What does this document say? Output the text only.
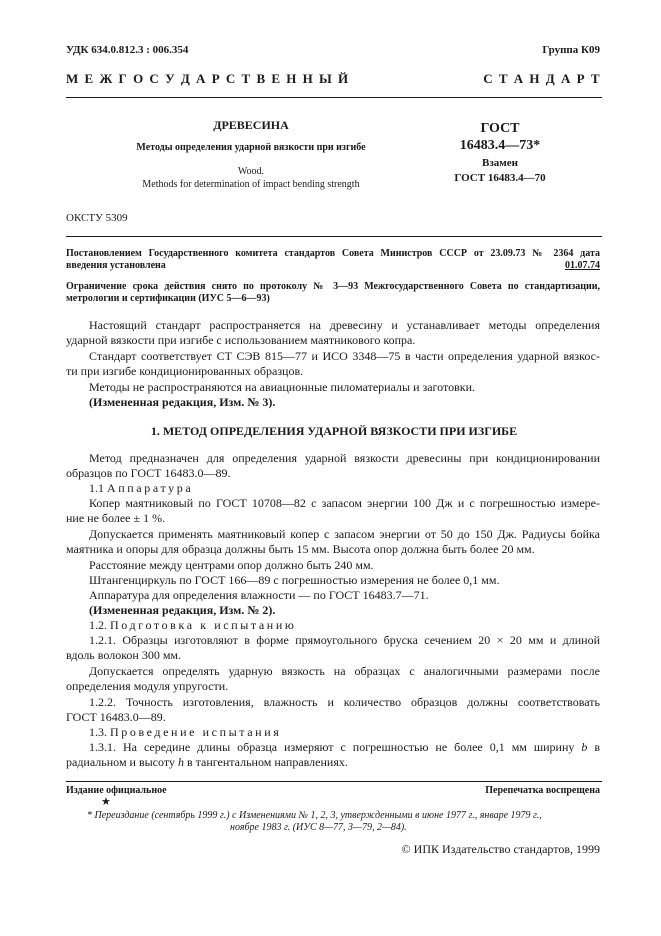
УДК 634.0.812.3 : 006.354	Группа К09
М Е Ж Г О С У Д А Р С Т В Е Н Н Ы Й	С Т А Н Д А Р Т
ДРЕВЕСИНА
Методы определения ударной вязкости при изгибе
Wood.
Methods for determination of impact bending strength
ГОСТ
16483.4—73*
Взамен
ГОСТ 16483.4—70
ОКСТУ 5309
Постановлением Государственного комитета стандартов Совета Министров СССР от 23.09.73 № 2364 дата
введения установлена	01.07.74
Ограничение срока действия снято по протоколу № 3—93 Межгосударственного Совета по стандартизации,
метрологии и сертификации (ИУС 5—6—93)
Настоящий стандарт распространяется на древесину и устанавливает методы определения
ударной вязкости при изгибе с использованием маятникового копра.
Стандарт соответствует СТ СЭВ 815—77 и ИСО 3348—75 в части определения ударной вязкос-
ти при изгибе кондиционированных образцов.
Методы не распространяются на авиационные пиломатериалы и заготовки.
(Измененная редакция, Изм. № 3).
1. МЕТОД ОПРЕДЕЛЕНИЯ УДАРНОЙ ВЯЗКОСТИ ПРИ ИЗГИБЕ
Метод предназначен для определения ударной вязкости древесины при кондиционировании
образцов по ГОСТ 16483.0—89.
1.1 Аппаратура
Копер маятниковый по ГОСТ 10708—82 с запасом энергии 100 Дж и с погрешностью измере-
ние не более ± 1 %.
Допускается применять маятниковый копер с запасом энергии от 50 до 150 Дж. Радиусы бойка
маятника и опоры для образца должны быть 15 мм. Высота опор должна быть более 20 мм.
Расстояние между центрами опор должно быть 240 мм.
Штангенциркуль по ГОСТ 166—89 с погрешностью измерения не более 0,1 мм.
Аппаратура для определения влажности — по ГОСТ 16483.7—71.
(Измененная редакция, Изм. № 2).
1.2. Подготовка к испытанию
1.2.1. Образцы изготовляют в форме прямоугольного бруска сечением 20 × 20 мм и длиной
вдоль волокон 300 мм.
Допускается определять ударную вязкость на образцах с аналогичными размерами после
определения модуля упругости.
1.2.2. Точность изготовления, влажность и количество образцов должны соответствовать
ГОСТ 16483.0—89.
1.3. Проведение испытания
1.3.1. На середине длины образца измеряют с погрешностью не более 0,1 мм ширину b в
радиальном и высоту h в тангентальном направлениях.
Издание официальное	Перепечатка воспрещена
★
* Переиздание (сентябрь 1999 г.) с Изменениями № 1, 2, 3, утвержденными в июне 1977 г., январе 1979 г.,
ноябре 1983 г. (ИУС 8—77, 3—79, 2—84).
© ИПК Издательство стандартов, 1999
